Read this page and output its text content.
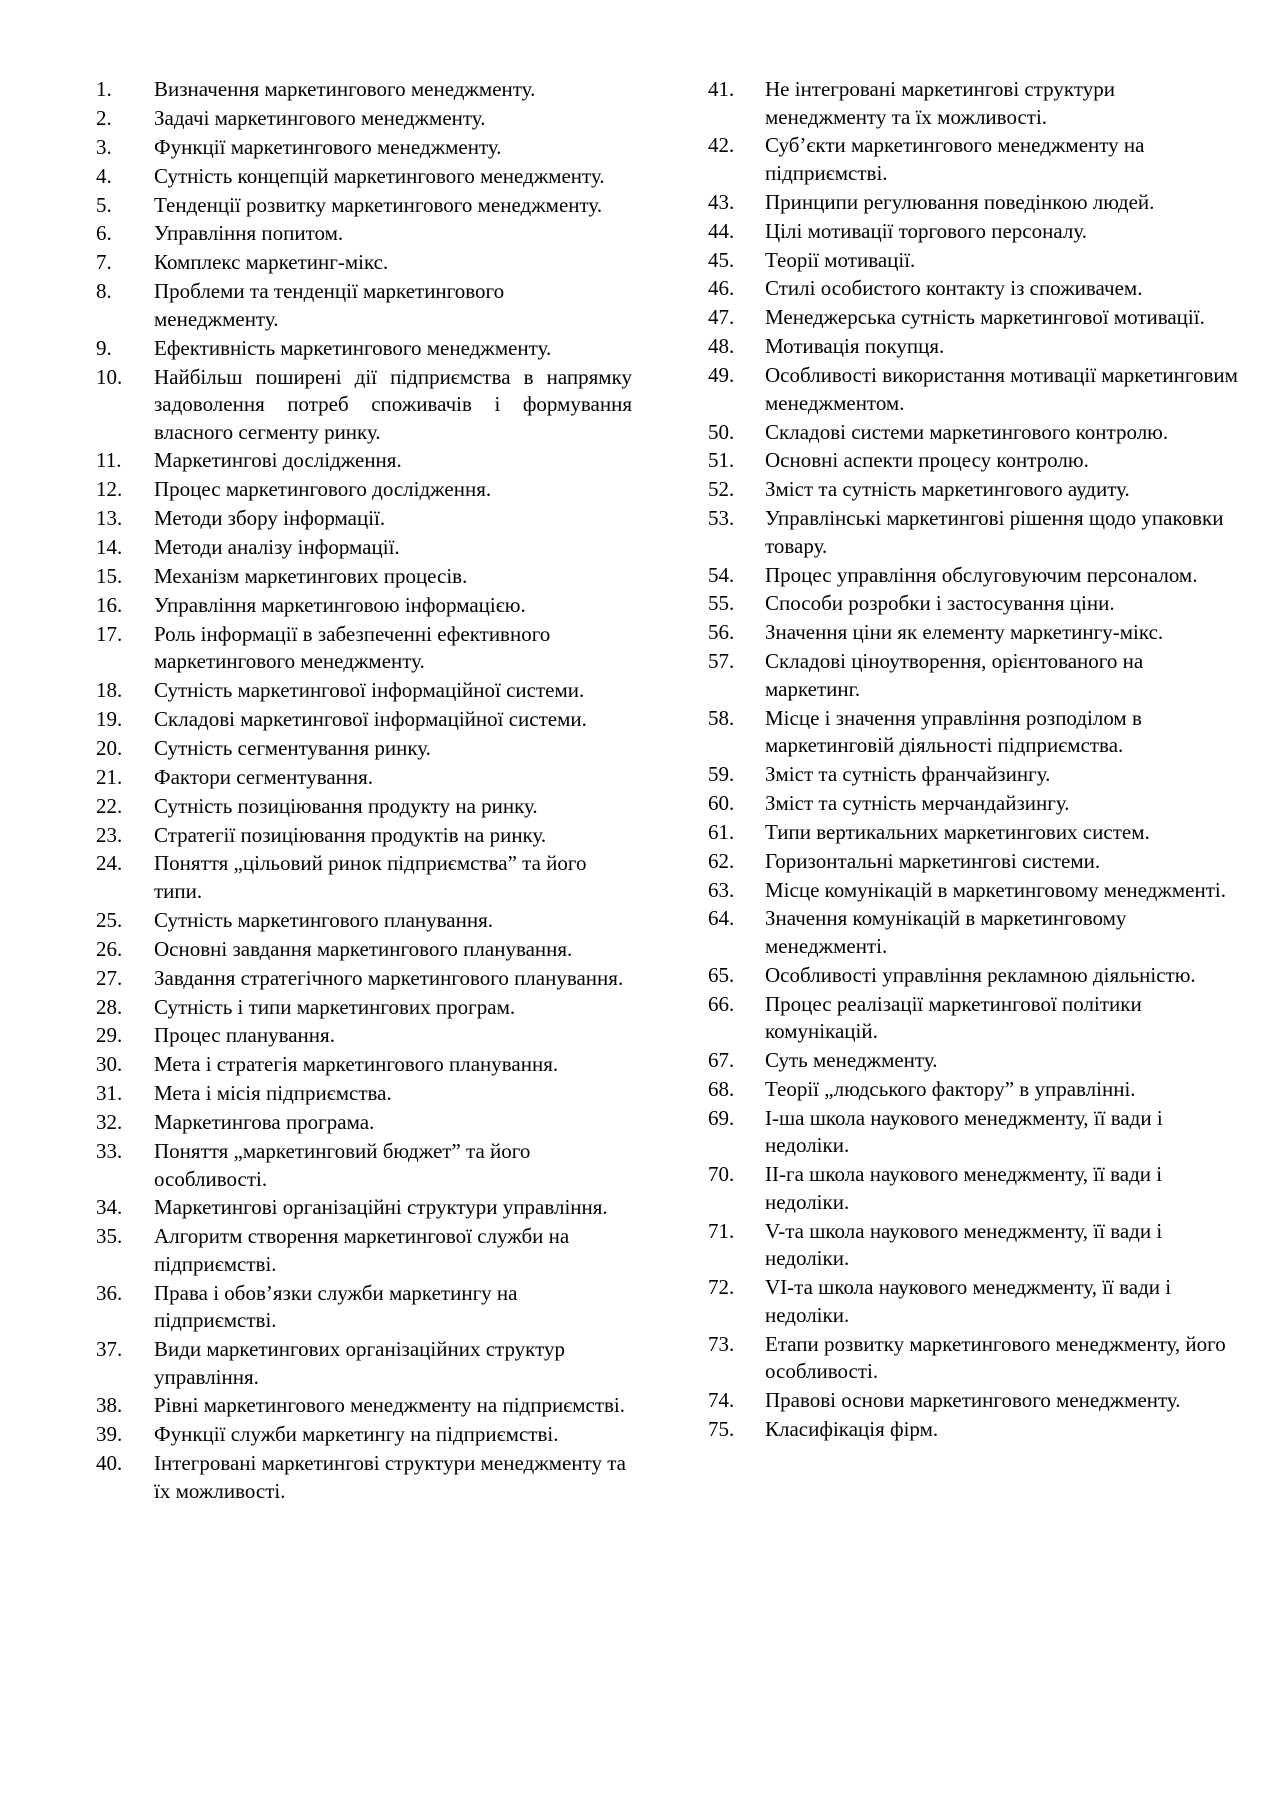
1.	Визначення маркетингового менеджменту.
2.	Задачі маркетингового менеджменту.
3.	Функції маркетингового менеджменту.
4.	Сутність концепцій маркетингового менеджменту.
5.	Тенденції розвитку маркетингового менеджменту.
6.	Управління попитом.
7.	Комплекс маркетинг-мікс.
8.	Проблеми та тенденції маркетингового менеджменту.
9.	Ефективність маркетингового менеджменту.
10.	Найбільш поширені дії підприємства в напрямку задоволення потреб споживачів і формування власного сегменту ринку.
11.	Маркетингові дослідження.
12.	Процес маркетингового дослідження.
13.	Методи збору інформації.
14.	Методи аналізу інформації.
15.	Механізм маркетингових процесів.
16.	Управління маркетинговою інформацією.
17.	Роль інформації в забезпеченні ефективного маркетингового менеджменту.
18.	Сутність маркетингової інформаційної системи.
19.	Складові маркетингової інформаційної системи.
20.	Сутність сегментування ринку.
21.	Фактори сегментування.
22.	Сутність позиціювання продукту на ринку.
23.	Стратегії позиціювання продуктів на ринку.
24.	Поняття „цільовий ринок підприємства” та його типи.
25.	Сутність маркетингового планування.
26.	Основні завдання маркетингового планування.
27.	Завдання стратегічного маркетингового планування.
28.	Сутність і типи маркетингових програм.
29.	Процес планування.
30.	Мета і стратегія маркетингового планування.
31.	Мета і місія підприємства.
32.	Маркетингова програма.
33.	Поняття „маркетинговий бюджет” та його особливості.
34.	Маркетингові організаційні структури управління.
35.	Алгоритм створення маркетингової служби на підприємстві.
36.	Права і обов’язки служби маркетингу на підприємстві.
37.	Види маркетингових організаційних структур управління.
38.	Рівні маркетингового менеджменту на підприємстві.
39.	Функції служби маркетингу на підприємстві.
40.	Інтегровані маркетингові структури менеджменту та їх можливості.
41.	Не інтегровані маркетингові структури менеджменту та їх можливості.
42.	Суб’єкти маркетингового менеджменту на підприємстві.
43.	Принципи регулювання поведінкою людей.
44.	Цілі мотивації торгового персоналу.
45.	Теорії мотивації.
46.	Стилі особистого контакту із споживачем.
47.	Менеджерська сутність маркетингової мотивації.
48.	Мотивація покупця.
49.	Особливості використання мотивації маркетинговим менеджментом.
50.	Складові системи маркетингового контролю.
51.	Основні аспекти процесу контролю.
52.	Зміст та сутність маркетингового аудиту.
53.	Управлінські маркетингові рішення щодо упаковки товару.
54.	Процес управління обслуговуючим персоналом.
55.	Способи розробки і застосування ціни.
56.	Значення ціни як елементу маркетингу-мікс.
57.	Складові ціноутворення, орієнтованого на маркетинг.
58.	Місце і значення управління розподілом в маркетинговій діяльності підприємства.
59.	Зміст та сутність франчайзингу.
60.	Зміст та сутність мерчандайзингу.
61.	Типи вертикальних маркетингових систем.
62.	Горизонтальні маркетингові системи.
63.	Місце комунікацій в маркетинговому менеджменті.
64.	Значення комунікацій в маркетинговому менеджменті.
65.	Особливості управління рекламною діяльністю.
66.	Процес реалізації маркетингової політики комунікацій.
67.	Суть менеджменту.
68.	Теорії „людського фактору” в управлінні.
69.	І-ша школа наукового менеджменту, її вади і недоліки.
70.	ІІ-га школа наукового менеджменту, її вади і недоліки.
71.	V-та школа наукового менеджменту, її вади і недоліки.
72.	VІ-та школа наукового менеджменту, її вади і недоліки.
73.	Етапи розвитку маркетингового менеджменту, його особливості.
74.	Правові основи маркетингового менеджменту.
75.	Класифікація фірм.
